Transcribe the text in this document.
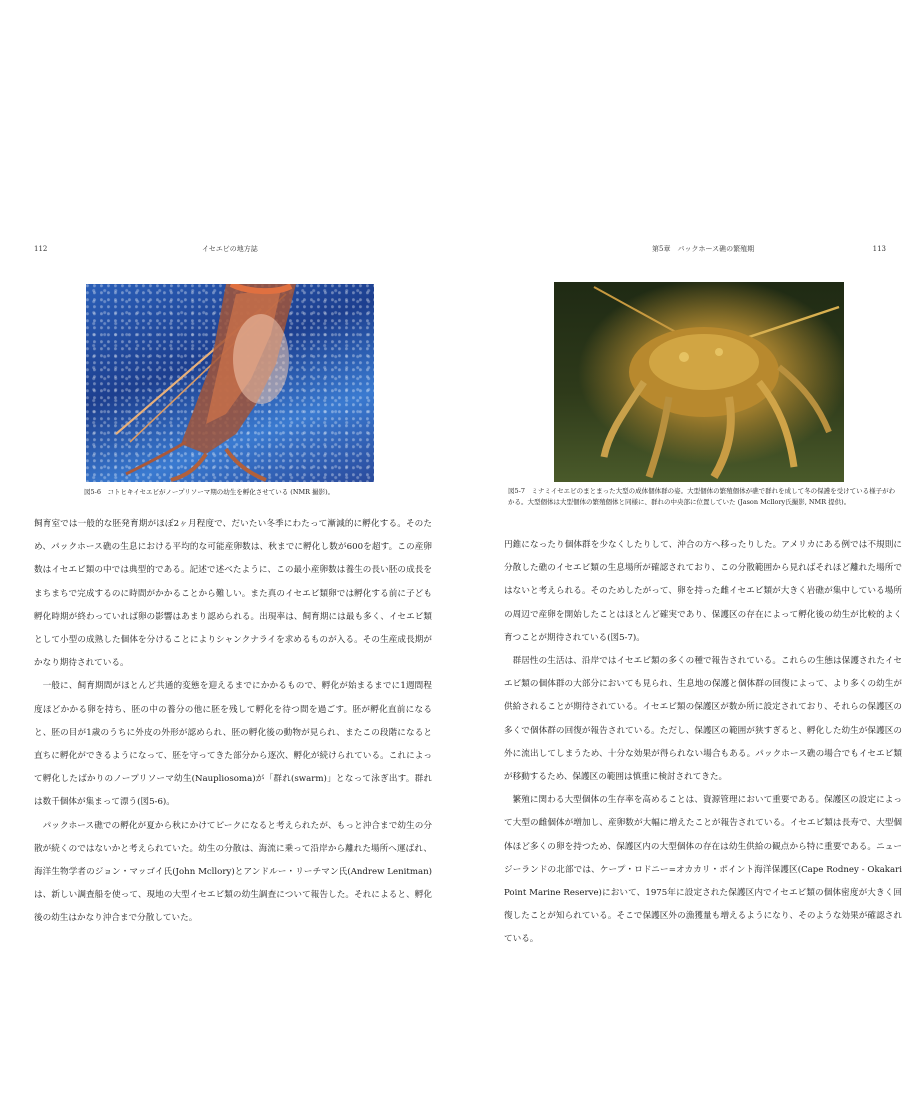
112	イセエビの地方誌
図5-6　コトヒキイセエビがノープリソーマ期の幼生を孵化させている (NMR 撮影)。

飼育室では一般的な胚発育期がほぼ2ヶ月程度で、だいたい冬季にわたって漸減的に孵化する。そのため、パックホース礁の生息における平均的な可能産卵数は、秋までに孵化し数が600を超す。この産卵数はイセエビ類の中では典型的である。記述で述べたように、この最小産卵数は養生の長い胚の成長をまちまちで完成するのに時間がかかることから難しい。また真のイセエビ類卵では孵化する前に子ども孵化時期が終わっていれば卵の影響はあまり認められる。出現率は、飼育期には最も多く、イセエビ類として小型の成熟した個体を分けることによりシャンクナライを求めるものが入る。その生産成長期がかなり期待されている。

一般に、飼育期間がほとんど共通的変態を迎えるまでにかかるもので、孵化が始まるまでに1週間程度ほどかかる卵を持ち、胚の中の養分の他に胚を残して孵化を待つ間を過ごす。胚が孵化直前になると、胚の目が1歳のうちに外皮の外形が認められ、胚の孵化後の動物が見られ、またこの段階になると直ちに孵化ができるようになって、胚を守ってきた部分から逐次、孵化が続けられている。これによって孵化したばかりのノープリソーマ幼生(Naupliosoma)が「群れ(swarm)」となって泳ぎ出す。群れは数千個体が集まって漂う(図5-6)。

パックホース礁での孵化が夏から秋にかけてピークになると考えられたが、もっと沖合まで幼生の分散が続くのではないかと考えられていた。幼生の分散は、海流に乗って沿岸から離れた場所へ運ばれ、海洋生物学者のジョン・マッゴイ氏(John Mcllory)とアンドルー・リーチマン氏(Andrew Lenitman)は、新しい調査船を使って、現地の大型イセエビ類の幼生調査について報告した。それによると、孵化後の幼生はかなり沖合まで分散していた。

第5章　パックホース礁の繁殖期	113
図5-7　ミナミイセエビのまとまった大型の成体個体群の姿。大型個体の繁殖個体が礁で群れを成して冬の保護を受けている様子がわかる。大型個体は大型個体の繁殖個体と同様に、群れの中央部に位置していた (Jason Mcllory氏撮影, NMR 提供)。

円錐になったり個体群を少なくしたりして、沖合の方へ移ったりした。アメリカにある例では不規則に分散した礁のイセエビ類の生息場所が確認されており、この分散範囲から見ればそれほど離れた場所ではないと考えられる。そのためしたがって、卵を持った雌イセエビ類が大きく岩礁が集中している場所の周辺で産卵を開始したことはほとんど確実であり、保護区の存在によって孵化後の幼生が比較的よく育つことが期待されている(図5-7)。

群居性の生活は、沿岸ではイセエビ類の多くの種で報告されている。これらの生態は保護されたイセエビ類の個体群の大部分においても見られ、生息地の保護と個体群の回復によって、より多くの幼生が供給されることが期待されている。イセエビ類の保護区が数か所に設定されており、それらの保護区の多くで個体群の回復が報告されている。ただし、保護区の範囲が狭すぎると、孵化した幼生が保護区の外に流出してしまうため、十分な効果が得られない場合もある。パックホース礁の場合でもイセエビ類が移動するため、保護区の範囲は慎重に検討されてきた。

繁殖に関わる大型個体の生存率を高めることは、資源管理において重要である。保護区の設定によって大型の雌個体が増加し、産卵数が大幅に増えたことが報告されている。イセエビ類は長寿で、大型個体ほど多くの卵を持つため、保護区内の大型個体の存在は幼生供給の観点から特に重要である。ニュージーランドの北部では、ケープ・ロドニー=オカカリ・ポイント海洋保護区(Cape Rodney - Okakari Point Marine Reserve)において、1975年に設定された保護区内でイセエビ類の個体密度が大きく回復したことが知られている。そこで保護区外の漁獲量も増えるようになり、そのような効果が確認されている。
